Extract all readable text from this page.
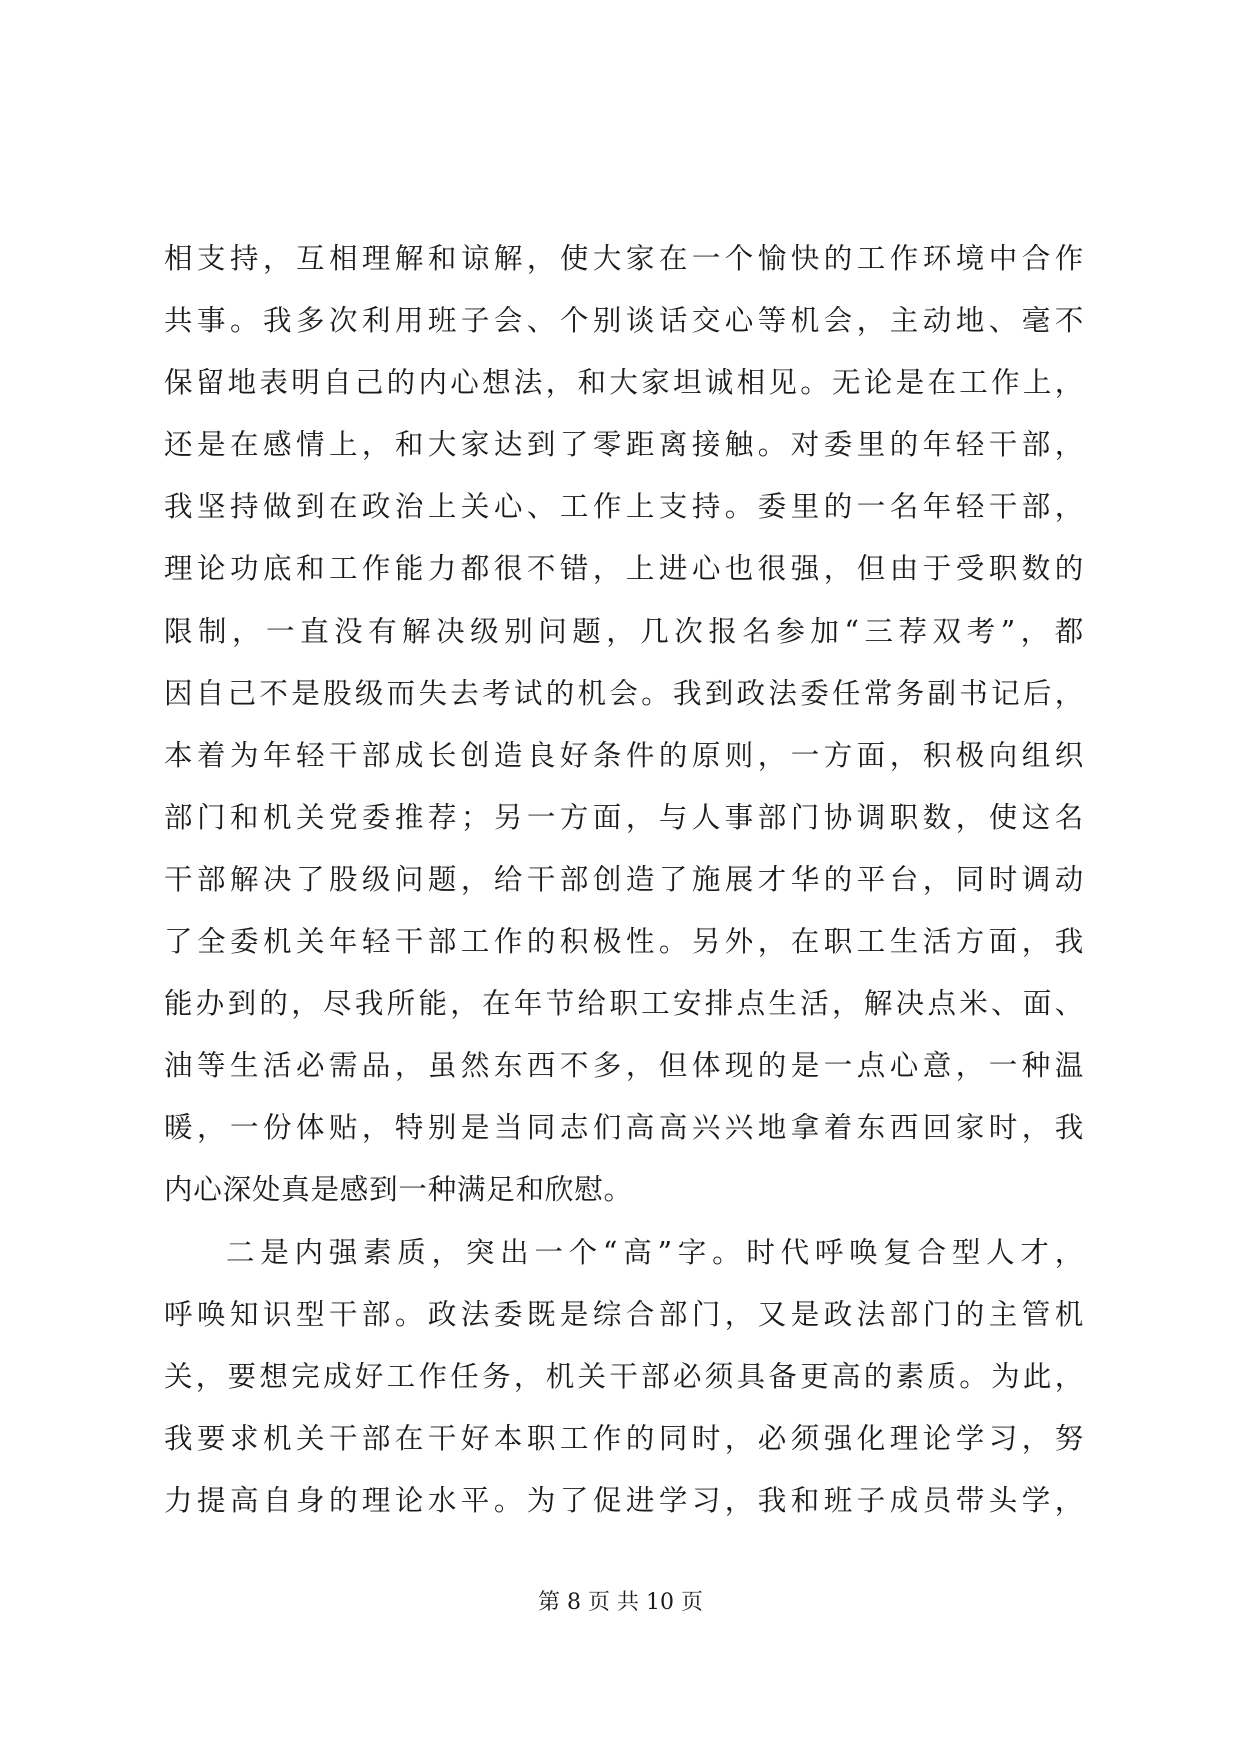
相支持，互相理解和谅解，使大家在一个愉快的工作环境中合作
共事。我多次利用班子会、个别谈话交心等机会，主动地、毫不
保留地表明自己的内心想法，和大家坦诚相见。无论是在工作上，
还是在感情上，和大家达到了零距离接触。对委里的年轻干部，
我坚持做到在政治上关心、工作上支持。委里的一名年轻干部，
理论功底和工作能力都很不错，上进心也很强，但由于受职数的
限制，一直没有解决级别问题，几次报名参加“三荐双考”，都
因自己不是股级而失去考试的机会。我到政法委任常务副书记后，
本着为年轻干部成长创造良好条件的原则，一方面，积极向组织
部门和机关党委推荐；另一方面，与人事部门协调职数，使这名
干部解决了股级问题，给干部创造了施展才华的平台，同时调动
了全委机关年轻干部工作的积极性。另外，在职工生活方面，我
能办到的，尽我所能，在年节给职工安排点生活，解决点米、面、
油等生活必需品，虽然东西不多，但体现的是一点心意，一种温
暖，一份体贴，特别是当同志们高高兴兴地拿着东西回家时，我
内心深处真是感到一种满足和欣慰。
二是内强素质，突出一个“高”字。时代呼唤复合型人才，
呼唤知识型干部。政法委既是综合部门，又是政法部门的主管机
关，要想完成好工作任务，机关干部必须具备更高的素质。为此，
我要求机关干部在干好本职工作的同时，必须强化理论学习，努
力提高自身的理论水平。为了促进学习，我和班子成员带头学，
第 8 页 共 10 页
